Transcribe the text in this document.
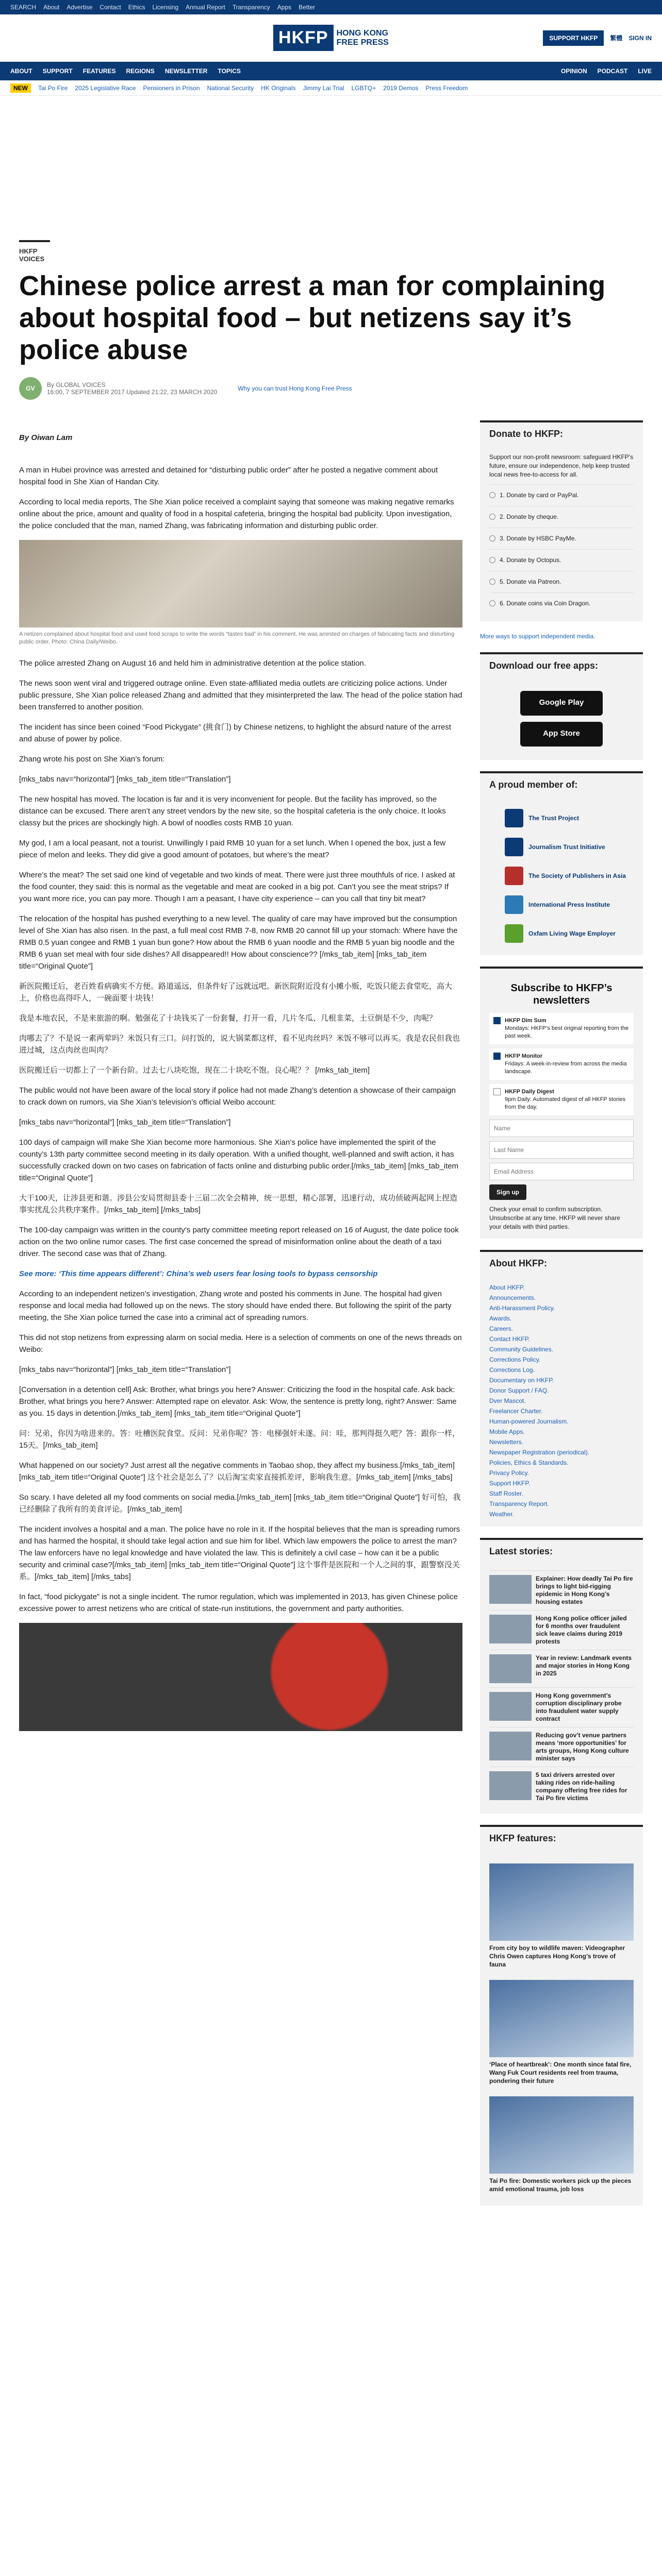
SEARCH About Advertise Contact Ethics Licensing Annual Report Transparency Apps Better
HKFP	HONG KONG
FREE PRESS	SUPPORT HKFP	繁體 SIGN IN
ABOUT SUPPORT FEATURES REGIONS NEWSLETTER TOPICS	OPINION PODCAST LIVE
NEW	Tai Po Fire 2025 Legislative Race Pensioners in Prison National Security HK Originals Jimmy Lai Trial LGBTQ+ 2019 Demos Press Freedom
HKFP VOICES
Chinese police arrest a man for complaining about hospital food – but netizens say it’s police abuse
GV	By GLOBAL VOICES
16:00, 7 SEPTEMBER 2017 Updated 21:22, 23 MARCH 2020	Why you can trust Hong Kong Free Press
By Oiwan Lam

A man in Hubei province was arrested and detained for “disturbing public order” after he posted a negative comment about hospital food in She Xian of Handan City.

According to local media reports, The She Xian police received a complaint saying that someone was making negative remarks online about the price, amount and quality of food in a hospital cafeteria, bringing the hospital bad publicity. Upon investigation, the police concluded that the man, named Zhang, was fabricating information and disturbing public order.

A netizen complained about hospital food and used food scraps to write the words “tastes bad” in his comment. He was arrested on charges of fabricating facts and disturbing public order. Photo: China Daily/Weibo.

The police arrested Zhang on August 16 and held him in administrative detention at the police station.

The news soon went viral and triggered outrage online. Even state-affiliated media outlets are criticizing police actions. Under public pressure, She Xian police released Zhang and admitted that they misinterpreted the law. The head of the police station had been transferred to another position.

The incident has since been coined “Food Pickygate” (挑食门) by Chinese netizens, to highlight the absurd nature of the arrest and abuse of power by police.

Zhang wrote his post on She Xian’s forum:

[mks_tabs nav=“horizontal”] [mks_tab_item title=“Translation”]

The new hospital has moved. The location is far and it is very inconvenient for people. But the facility has improved, so the distance can be excused. There aren’t any street vendors by the new site, so the hospital cafeteria is the only choice. It looks classy but the prices are shockingly high. A bowl of noodles costs RMB 10 yuan.

My god, I am a local peasant, not a tourist. Unwillingly I paid RMB 10 yuan for a set lunch. When I opened the box, just a few piece of melon and leeks. They did give a good amount of potatoes, but where’s the meat?

Where’s the meat? The set said one kind of vegetable and two kinds of meat. There were just three mouthfuls of rice. I asked at the food counter, they said: this is normal as the vegetable and meat are cooked in a big pot. Can’t you see the meat strips? If you want more rice, you can pay more. Though I am a peasant, I have city experience – can you call that tiny bit meat?

The relocation of the hospital has pushed everything to a new level. The quality of care may have improved but the consumption level of She Xian has also risen. In the past, a full meal cost RMB 7-8, now RMB 20 cannot fill up your stomach: Where have the RMB 0.5 yuan congee and RMB 1 yuan bun gone? How about the RMB 6 yuan noodle and the RMB 5 yuan big noodle and the RMB 6 yuan set meal with four side dishes? All disappeared!! How about conscience?? [/mks_tab_item] [mks_tab_item title=“Original Quote”]

新医院搬迁后，老百姓看病确实不方便。路道遥远，但条件好了远就远吧。新医院附近没有小摊小贩，吃饭只能去食堂吃，高大上，价格也高得吓人，一碗面要十块钱！

我是本地农民，不是来旅游的啊。勉强花了十块钱买了一份套餐，打开一看，几片冬瓜、几根韭菜，土豆倒是不少，肉呢？

肉哪去了？不是说一素两荤吗？米饭只有三口。问打饭的，说大锅菜都这样，看不见肉丝吗？米饭不够可以再买。我是农民但我也进过城，这点肉丝也叫肉？

医院搬迁后一切都上了一个新台阶。过去七八块吃饱，现在二十块吃不饱。良心呢？？ [/mks_tab_item]

The public would not have been aware of the local story if police had not made Zhang’s detention a showcase of their campaign to crack down on rumors, via She Xian’s television’s official Weibo account:

[mks_tabs nav=“horizontal”] [mks_tab_item title=“Translation”]

100 days of campaign will make She Xian become more harmonious. She Xian’s police have implemented the spirit of the county’s 13th party committee second meeting in its daily operation. With a unified thought, well-planned and swift action, it has successfully cracked down on two cases on fabrication of facts online and disturbing public order.[/mks_tab_item] [mks_tab_item title=“Original Quote”]

大干100天，让涉县更和谐。涉县公安局贯彻县委十三届二次全会精神，统一思想，精心部署，迅速行动，成功侦破两起网上捏造事实扰乱公共秩序案件。[/mks_tab_item] [/mks_tabs]

The 100-day campaign was written in the county’s party committee meeting report released on 16 of August, the date police took action on the two online rumor cases. The first case concerned the spread of misinformation online about the death of a taxi driver. The second case was that of Zhang.

See more: ‘This time appears different’: China’s web users fear losing tools to bypass censorship

According to an independent netizen’s investigation, Zhang wrote and posted his comments in June. The hospital had given response and local media had followed up on the news. The story should have ended there. But following the spirit of the party meeting, the She Xian police turned the case into a criminal act of spreading rumors.

This did not stop netizens from expressing alarm on social media. Here is a selection of comments on one of the news threads on Weibo:

[mks_tabs nav=“horizontal”] [mks_tab_item title=“Translation”]

[Conversation in a detention cell] Ask: Brother, what brings you here? Answer: Criticizing the food in the hospital cafe. Ask back: Brother, what brings you here? Answer: Attempted rape on elevator. Ask: Wow, the sentence is pretty long, right? Answer: Same as you. 15 days in detention.[/mks_tab_item] [mks_tab_item title=“Original Quote”]

问：兄弟，你因为啥进来的。答：吐槽医院食堂。反问：兄弟你呢？答：电梯强奸未遂。问：哇，那判得挺久吧？答：跟你一样，15天。[/mks_tab_item]

What happened on our society? Just arrest all the negative comments in Taobao shop, they affect my business.[/mks_tab_item] [mks_tab_item title=“Original Quote”] 这个社会是怎么了？以后淘宝卖家直接抓差评，影响我生意。[/mks_tab_item] [/mks_tabs]

So scary. I have deleted all my food comments on social media.[/mks_tab_item] [mks_tab_item title=“Original Quote”] 好可怕，我已经删除了我所有的美食评论。[/mks_tab_item]

The incident involves a hospital and a man. The police have no role in it. If the hospital believes that the man is spreading rumors and has harmed the hospital, it should take legal action and sue him for libel. Which law empowers the police to arrest the man? The law enforcers have no legal knowledge and have violated the law. This is definitely a civil case – how can it be a public security and criminal case?[/mks_tab_item] [mks_tab_item title=“Original Quote”] 这个事件是医院和一个人之间的事，跟警察没关系。[/mks_tab_item] [/mks_tabs]

In fact, “food pickygate” is not a single incident. The rumor regulation, which was implemented in 2013, has given Chinese police excessive power to arrest netizens who are critical of state-run institutions, the government and party authorities.

Donate to HKFP:

Support our non-profit newsroom: safeguard HKFP’s future, ensure our independence, help keep trusted local news free-to-access for all.

1. Donate by card or PayPal.
2. Donate by cheque.
3. Donate by HSBC PayMe.
4. Donate by Octopus.
5. Donate via Patreon.
6. Donate coins via Coin Dragon.
More ways to support independent media.
Download our free apps:
Google Play
App Store
A proud member of:
The Trust Project
Journalism Trust Initiative
The Society of Publishers in Asia
International Press Institute
Oxfam Living Wage Employer
Subscribe to HKFP’s newsletters
HKFP Dim Sum
Mondays: HKFP’s best original reporting from the past week.
HKFP Monitor
Fridays: A week-in-review from across the media landscape.
HKFP Daily Digest
9pm Daily: Automated digest of all HKFP stories from the day.
Name
Last Name
Email Address Sign up

Check your email to confirm subscription. Unsubscribe at any time. HKFP will never share your details with third parties.

About HKFP:
About HKFP.
Announcements.
Anti-Harassment Policy.
Awards.
Careers.
Contact HKFP.
Community Guidelines.
Corrections Policy.
Corrections Log.
Documentary on HKFP.
Donor Support / FAQ.
Dver Mascot.
Freelancer Charter.
Human-powered Journalism.
Mobile Apps.
Newsletters.
Newspaper Registration (periodical).
Policies, Ethics & Standards.
Privacy Policy.
Support HKFP.
Staff Roster.
Transparency Report.
Weather.
Latest stories:
Explainer: How deadly Tai Po fire brings to light bid-rigging epidemic in Hong Kong’s housing estates
Hong Kong police officer jailed for 6 months over fraudulent sick leave claims during 2019 protests
Year in review: Landmark events and major stories in Hong Kong in 2025
Hong Kong government’s corruption disciplinary probe into fraudulent water supply contract
Reducing gov’t venue partners means ‘more opportunities’ for arts groups, Hong Kong culture minister says
5 taxi drivers arrested over taking rides on ride-hailing company offering free rides for Tai Po fire victims
HKFP features:
From city boy to wildlife maven: Videographer Chris Owen captures Hong Kong’s trove of fauna
‘Place of heartbreak’: One month since fatal fire, Wang Fuk Court residents reel from trauma, pondering their future
Tai Po fire: Domestic workers pick up the pieces amid emotional trauma, job loss
